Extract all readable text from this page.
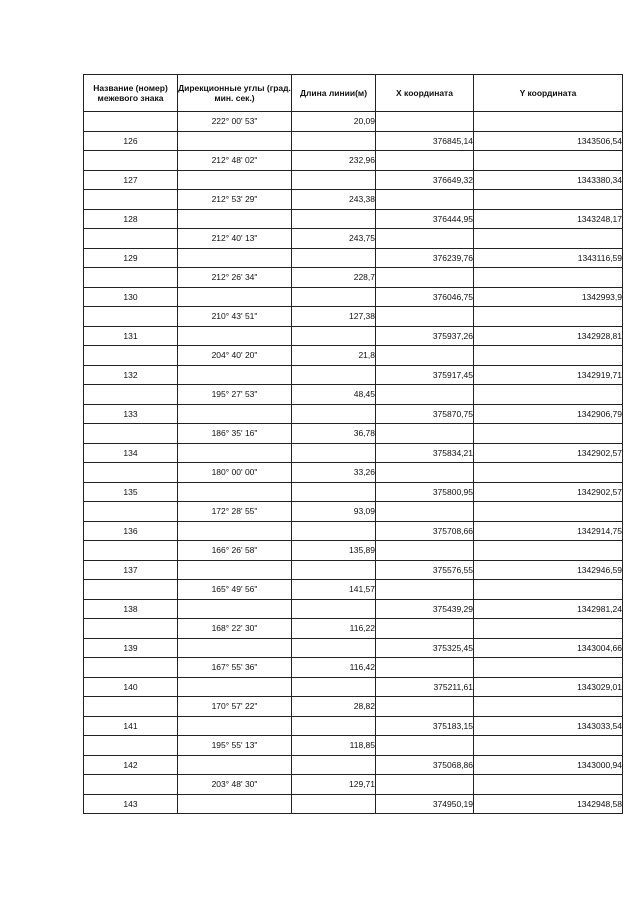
Название (номер) межевого знака	Дирекционные углы (град. мин. сек.)	Длина линии(м)	X координата	Y координата
	222° 00' 53"	20,09		
126			376845,14	1343506,54
	212° 48' 02"	232,96		
127			376649,32	1343380,34
	212° 53' 29"	243,38		
128			376444,95	1343248,17
	212° 40' 13"	243,75		
129			376239,76	1343116,59
	212° 26' 34"	228,7		
130			376046,75	1342993,9
	210° 43' 51"	127,38		
131			375937,26	1342928,81
	204° 40' 20"	21,8		
132			375917,45	1342919,71
	195° 27' 53"	48,45		
133			375870,75	1342906,79
	186° 35' 16"	36,78		
134			375834,21	1342902,57
	180° 00' 00"	33,26		
135			375800,95	1342902,57
	172° 28' 55"	93,09		
136			375708,66	1342914,75
	166° 26' 58"	135,89		
137			375576,55	1342946,59
	165° 49' 56"	141,57		
138			375439,29	1342981,24
	168° 22' 30"	116,22		
139			375325,45	1343004,66
	167° 55' 36"	116,42		
140			375211,61	1343029,01
	170° 57' 22"	28,82		
141			375183,15	1343033,54
	195° 55' 13"	118,85		
142			375068,86	1343000,94
	203° 48' 30"	129,71		
143			374950,19	1342948,58
